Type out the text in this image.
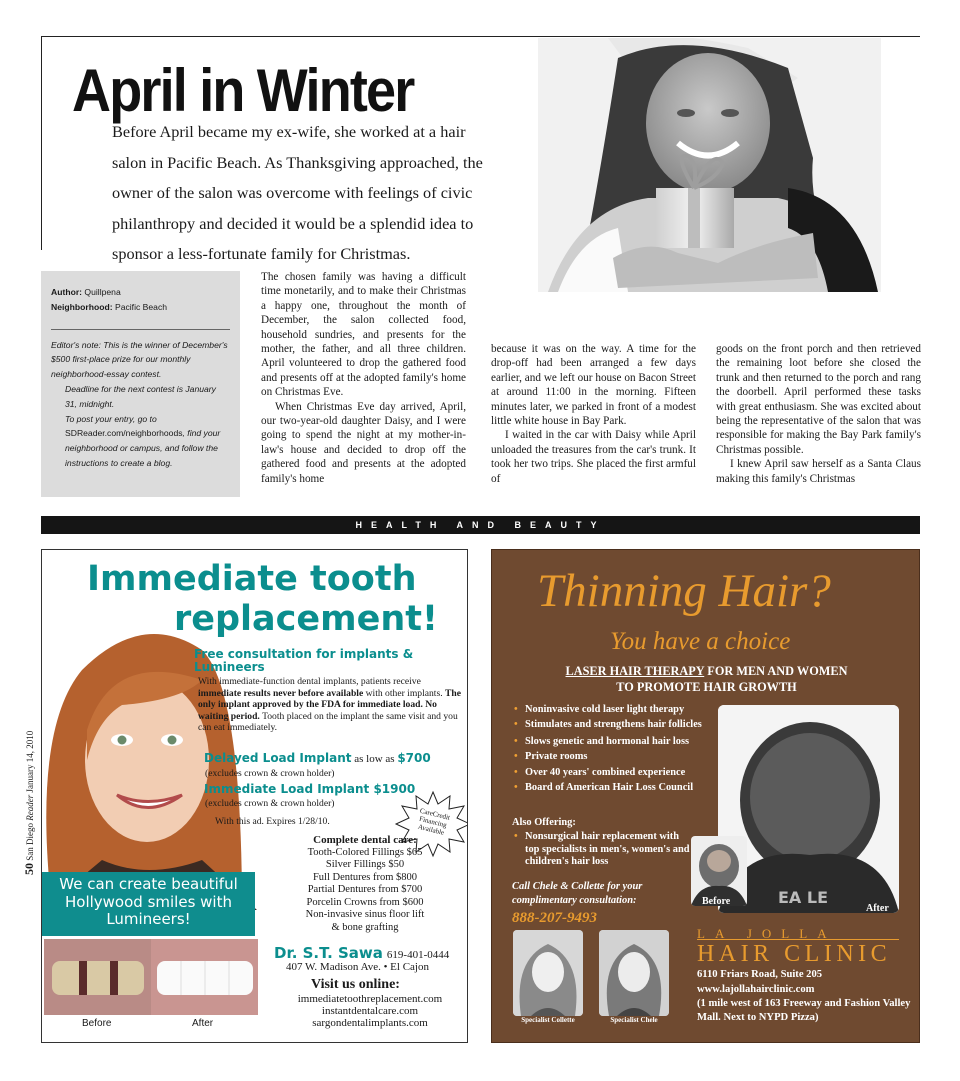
April in Winter

Before April became my ex-wife, she worked at a hair salon in Pacific Beach. As Thanksgiving approached, the owner of the salon was overcome with feelings of civic philanthropy and decided it would be a splendid idea to sponsor a less-fortunate family for Christmas.

Author: Quillpena
Neighborhood: Pacific Beach
Editor's note: This is the winner of December's $500 first-place prize for our monthly neighborhood-essay contest.
Deadline for the next contest is January 31, midnight.
To post your entry, go to SDReader.com/neighborhoods, find your neighborhood or campus, and follow the instructions to create a blog.

The chosen family was having a difficult time monetarily, and to make their Christmas a happy one, throughout the month of December, the salon collected food, household sundries, and presents for the mother, the father, and all three children. April volunteered to drop the gathered food and presents off at the adopted family's home on Christmas Eve.

When Christmas Eve day arrived, April, our two-year-old daughter Daisy, and I were going to spend the night at my mother-in-law's house and decided to drop off the gathered food and presents at the adopted family's home

because it was on the way. A time for the drop-off had been arranged a few days earlier, and we left our house on Bacon Street at around 11:00 in the morning. Fifteen minutes later, we parked in front of a modest little white house in Bay Park.

I waited in the car with Daisy while April unloaded the treasures from the car's trunk. It took her two trips. She placed the first armful of

goods on the front porch and then retrieved the remaining loot before she closed the trunk and then returned to the porch and rang the doorbell. April performed these tasks with great enthusiasm. She was excited about being the representative of the salon that was responsible for making the Bay Park family's Christmas possible.

I knew April saw herself as a Santa Claus making this family's Christmas

HEALTH AND BEAUTY
Immediate tooth
replacement!
Free consultation for implants & Lumineers
With immediate-function dental implants, patients receive immediate results never before available with other implants. The only implant approved by the FDA for immediate load. No waiting period. Tooth placed on the implant the same visit and you can eat immediately.
Delayed Load Implant as low as $700
(excludes crown & crown holder)
Immediate Load Implant $1900
(excludes crown & crown holder)
With this ad. Expires 1/28/10.	CareCredit Financing Available
Complete dental care:
Tooth-Colored Fillings $65
Silver Fillings $50
Full Dentures from $800
Partial Dentures from $700
Porcelin Crowns from $600
Non-invasive sinus floor lift
& bone grafting
We can create beautiful Hollywood smiles with Lumineers!
Before	After
Dr. S.T. Sawa 619-401-0444
407 W. Madison Ave. • El Cajon
Visit us online:
immediatetoothreplacement.com
instantdentalcare.com
sargondentalimplants.com
Thinning Hair?
You have a choice
LASER HAIR THERAPY FOR MEN AND WOMEN
TO PROMOTE HAIR GROWTH
• Noninvasive cold laser light therapy
• Stimulates and strengthens hair follicles
• Slows genetic and hormonal hair loss
• Private rooms
• Over 40 years' combined experience
• Board of American Hair Loss Council
Also Offering:
• Nonsurgical hair replacement with top specialists in men's, women's and children's hair loss
Call Chele & Collette for your complimentary consultation:
888-207-9493
EA LE
After
Before
Specialist Collette	Specialist Chele
LA JOLLA
HAIR CLINIC
6110 Friars Road, Suite 205
www.lajollahairclinic.com
(1 mile west of 163 Freeway and Fashion Valley Mall. Next to NYPD Pizza)
50 San Diego Reader January 14, 2010
